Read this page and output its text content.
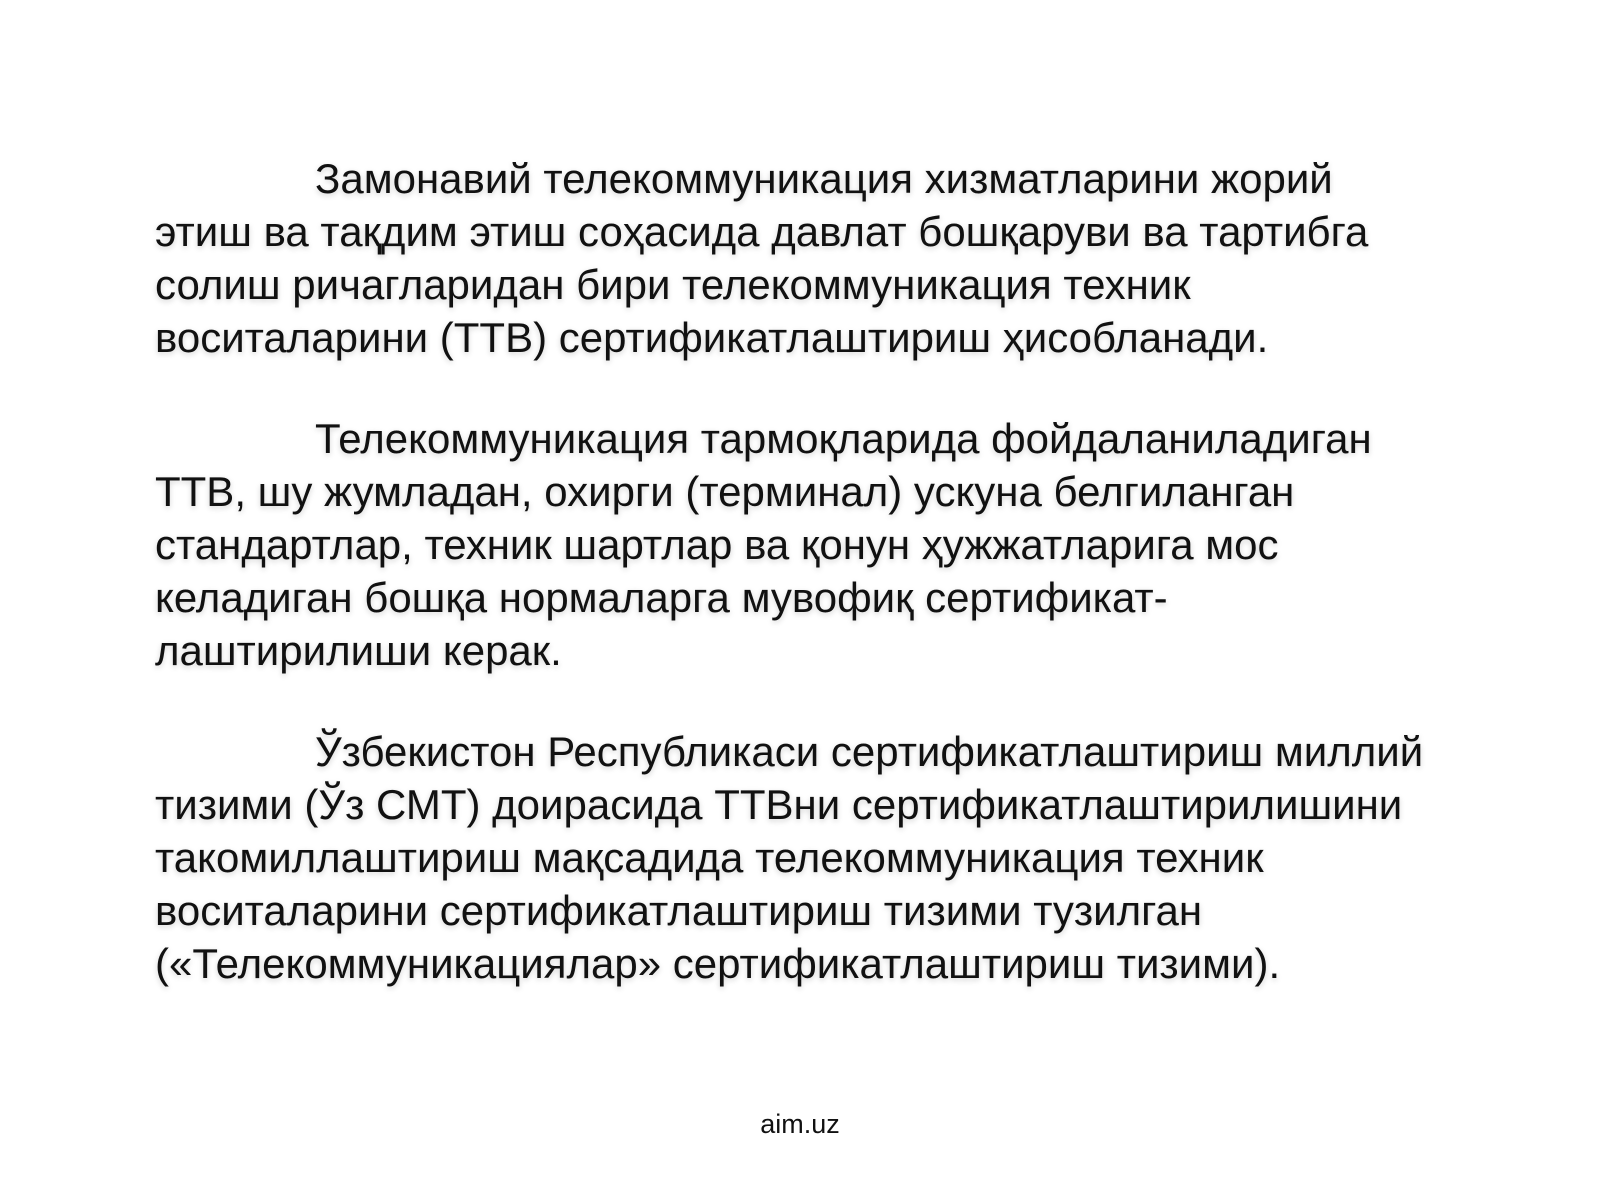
Замонавий телекоммуникация хизматларини жорий
этиш ва тақдим этиш соҳасида давлат бошқаруви ва тартибга
солиш ричагларидан бири телекоммуникация техник
воситаларини (ТТВ) сертификатлаштириш ҳисобланади.

Телекоммуникация тармоқларида фойдаланиладиган
ТТВ, шу жумладан, охирги (терминал) ускуна белгиланган
стандартлар, техник шартлар ва қонун ҳужжатларига мос
келадиган бошқа нормаларга мувофиқ сертификат-
лаштирилиши керак.

Ўзбекистон Республикаси сертификатлаштириш миллий
тизими (Ўз СМТ) доирасида ТТВни сертификатлаштирилишини
такомиллаштириш мақсадида телекоммуникация техник
воситаларини сертификатлаштириш тизими тузилган
(«Телекоммуникациялар» сертификатлаштириш тизими).

aim.uz
